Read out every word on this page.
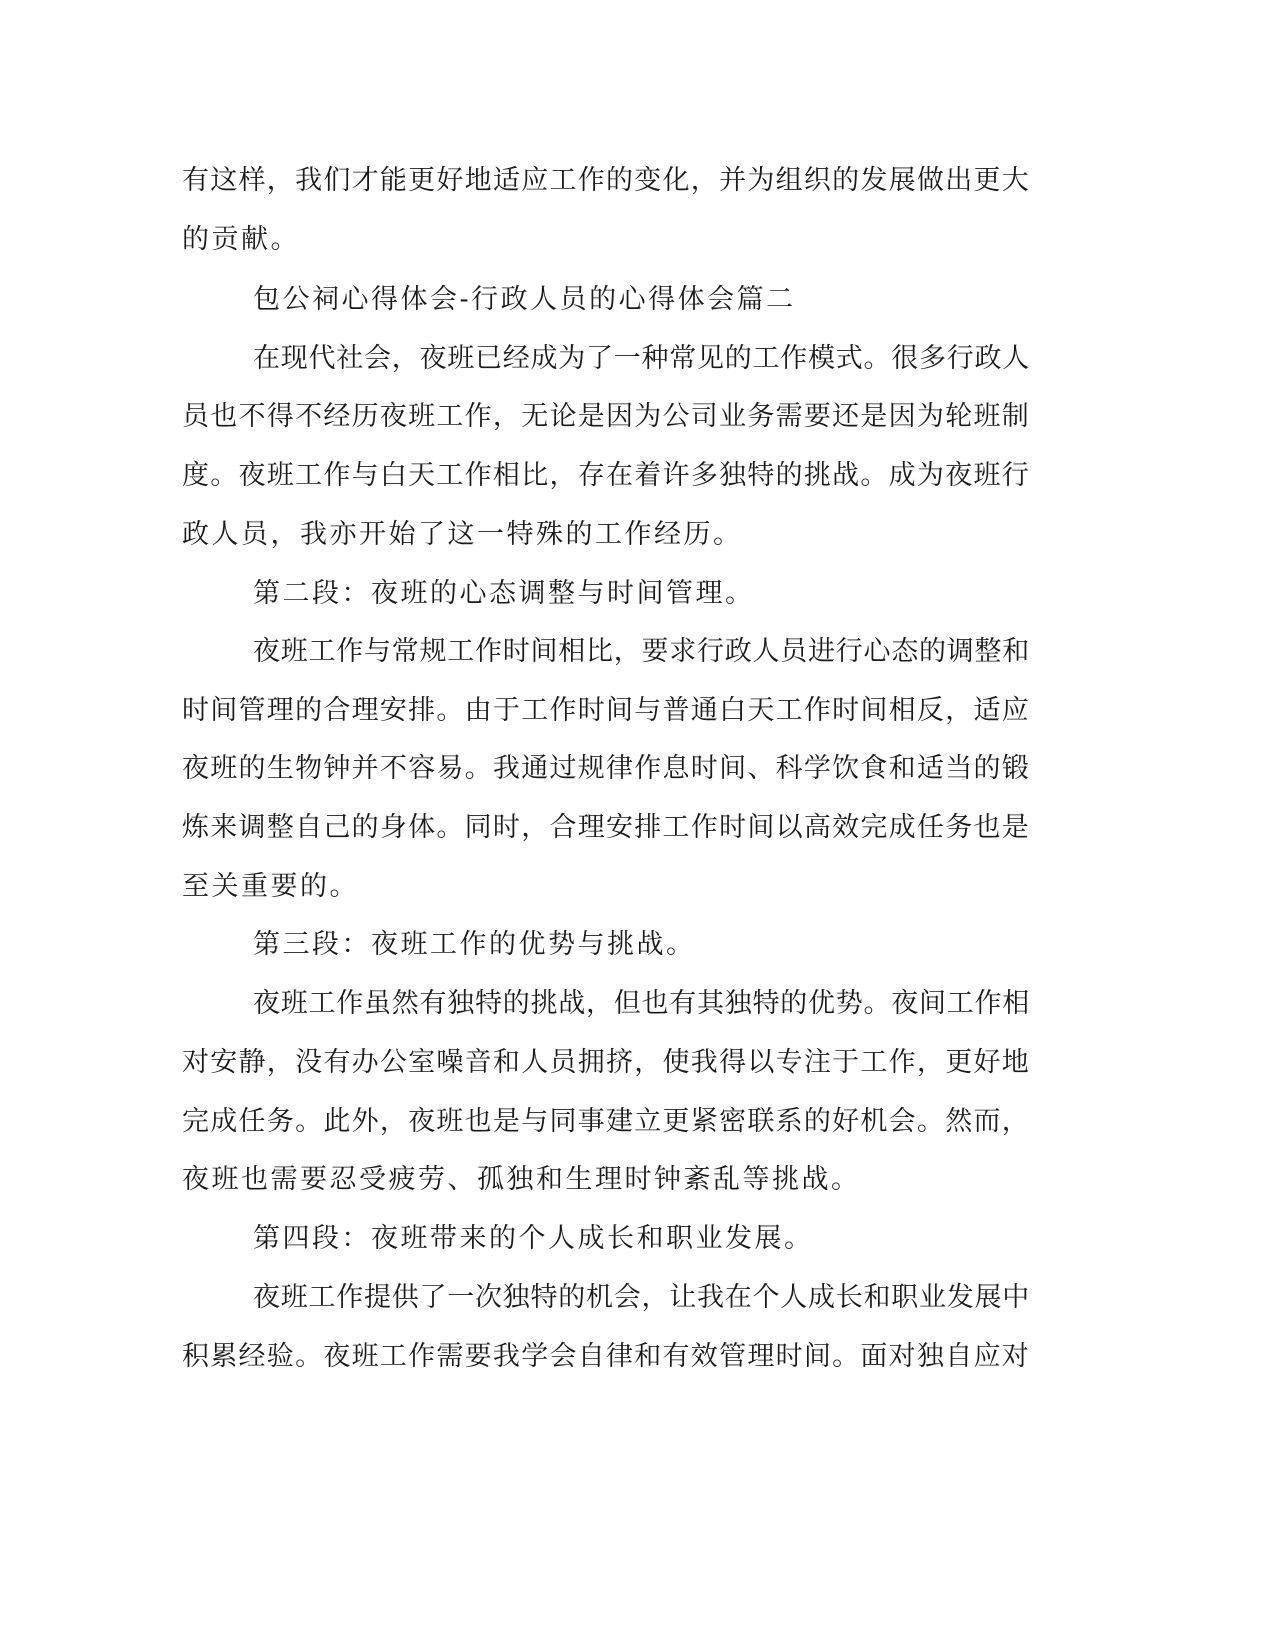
有这样，我们才能更好地适应工作的变化，并为组织的发展做出更大

的贡献。

包公祠心得体会-行政人员的心得体会篇二

在现代社会，夜班已经成为了一种常见的工作模式。很多行政人

员也不得不经历夜班工作，无论是因为公司业务需要还是因为轮班制

度。夜班工作与白天工作相比，存在着许多独特的挑战。成为夜班行

政人员，我亦开始了这一特殊的工作经历。

第二段：夜班的心态调整与时间管理。

夜班工作与常规工作时间相比，要求行政人员进行心态的调整和

时间管理的合理安排。由于工作时间与普通白天工作时间相反，适应

夜班的生物钟并不容易。我通过规律作息时间、科学饮食和适当的锻

炼来调整自己的身体。同时，合理安排工作时间以高效完成任务也是

至关重要的。

第三段：夜班工作的优势与挑战。

夜班工作虽然有独特的挑战，但也有其独特的优势。夜间工作相

对安静，没有办公室噪音和人员拥挤，使我得以专注于工作，更好地

完成任务。此外，夜班也是与同事建立更紧密联系的好机会。然而，

夜班也需要忍受疲劳、孤独和生理时钟紊乱等挑战。

第四段：夜班带来的个人成长和职业发展。

夜班工作提供了一次独特的机会，让我在个人成长和职业发展中

积累经验。夜班工作需要我学会自律和有效管理时间。面对独自应对
